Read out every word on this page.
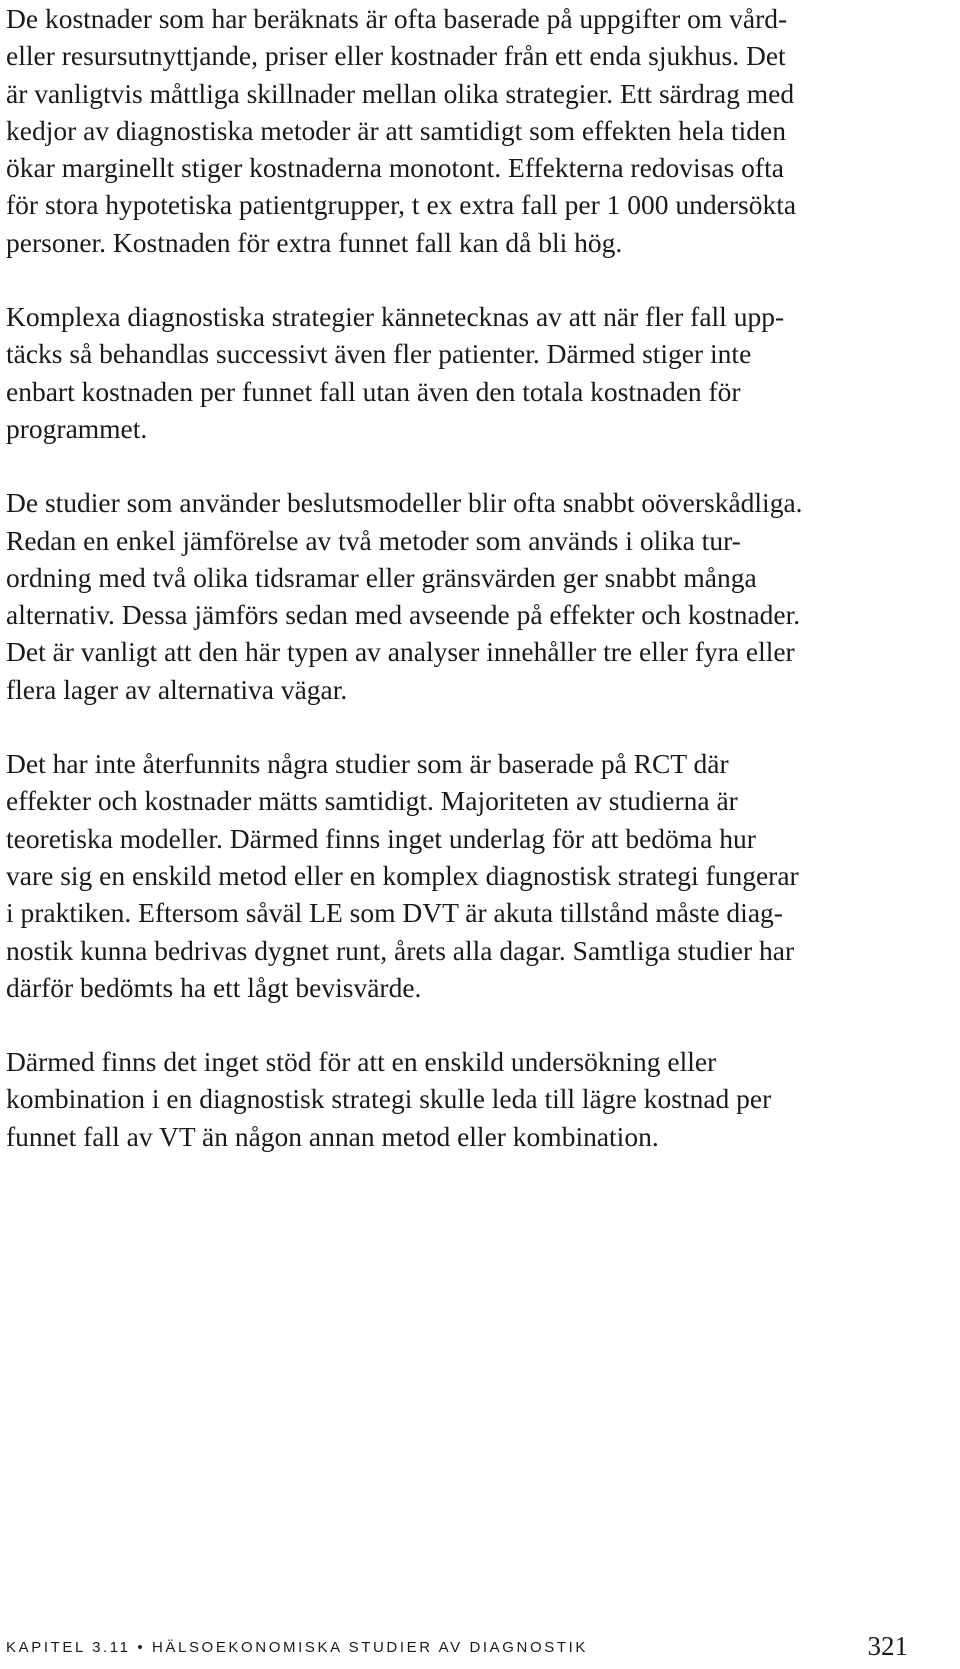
De kostnader som har beräknats är ofta baserade på uppgifter om vård-
eller resursutnyttjande, priser eller kostnader från ett enda sjukhus. Det
är vanligtvis måttliga skillnader mellan olika strategier. Ett särdrag med
kedjor av diagnostiska metoder är att samtidigt som effekten hela tiden
ökar marginellt stiger kostnaderna monotont. Effekterna redovisas ofta
för stora hypotetiska patientgrupper, t ex extra fall per 1 000 undersökta
personer. Kostnaden för extra funnet fall kan då bli hög.
Komplexa diagnostiska strategier kännetecknas av att när fler fall upp-
täcks så behandlas successivt även fler patienter. Därmed stiger inte
enbart kostnaden per funnet fall utan även den totala kostnaden för
programmet.
De studier som använder beslutsmodeller blir ofta snabbt oöverskådliga.
Redan en enkel jämförelse av två metoder som används i olika tur-
ordning med två olika tidsramar eller gränsvärden ger snabbt många
alternativ. Dessa jämförs sedan med avseende på effekter och kostnader.
Det är vanligt att den här typen av analyser innehåller tre eller fyra eller
flera lager av alternativa vägar.
Det har inte återfunnits några studier som är baserade på RCT där
effekter och kostnader mätts samtidigt. Majoriteten av studierna är
teoretiska modeller. Därmed finns inget underlag för att bedöma hur
vare sig en enskild metod eller en komplex diagnostisk strategi fungerar
i praktiken. Eftersom såväl LE som DVT är akuta tillstånd måste diag-
nostik kunna bedrivas dygnet runt, årets alla dagar. Samtliga studier har
därför bedömts ha ett lågt bevisvärde.
Därmed finns det inget stöd för att en enskild undersökning eller
kombination i en diagnostisk strategi skulle leda till lägre kostnad per
funnet fall av VT än någon annan metod eller kombination.
KAPITEL 3.11 • HÄLSOEKONOMISKA STUDIER AV DIAGNOSTIK	321
